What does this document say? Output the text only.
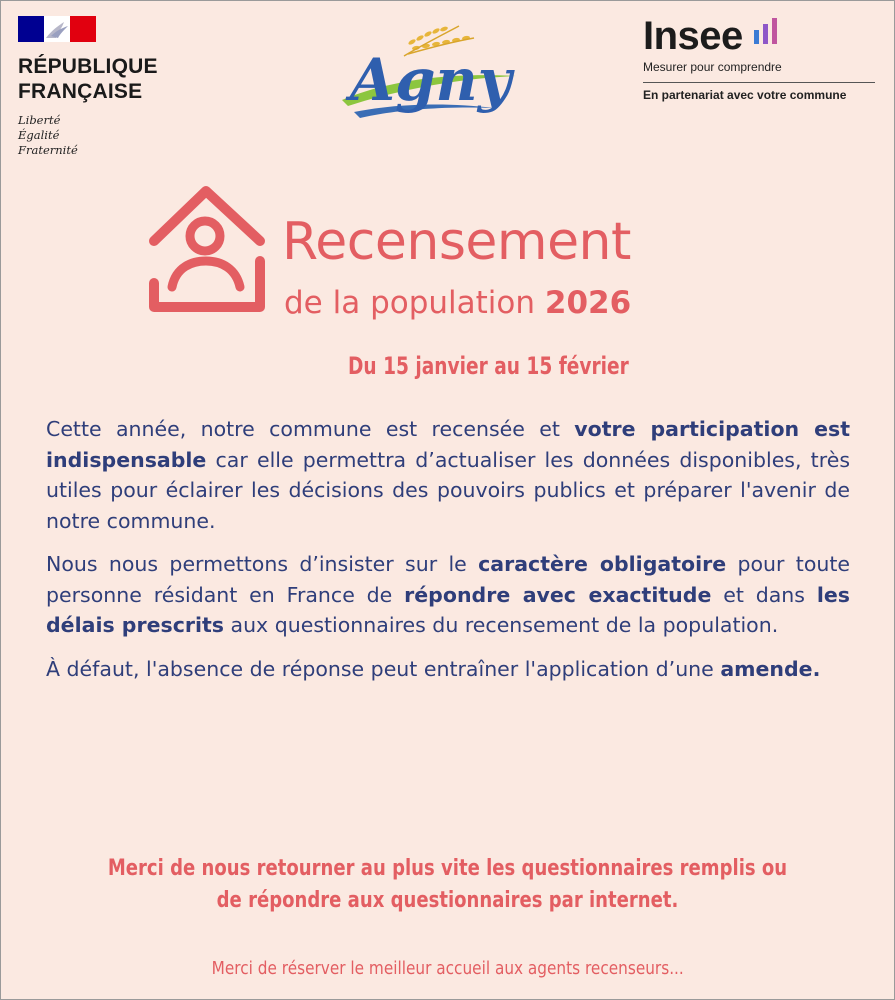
RÉPUBLIQUE
FRANÇAISE
Liberté
Égalité
Fraternité
Agny
Insee
Mesurer pour comprendre
En partenariat avec votre commune
Recensement
de la population 2026
Du 15 janvier au 15 février

Cette année, notre commune est recensée et votre participation est indispensable car elle permettra d’actualiser les données disponibles, très utiles pour éclairer les décisions des pouvoirs publics et préparer l'avenir de notre commune.

Nous nous permettons d’insister sur le caractère obligatoire pour toute personne résidant en France de répondre avec exactitude et dans les délais prescrits aux questionnaires du recensement de la population.

À défaut, l'absence de réponse peut entraîner l'application d’une amende.

Merci de nous retourner au plus vite les questionnaires remplis ou
de répondre aux questionnaires par internet.
Merci de réserver le meilleur accueil aux agents recenseurs...
